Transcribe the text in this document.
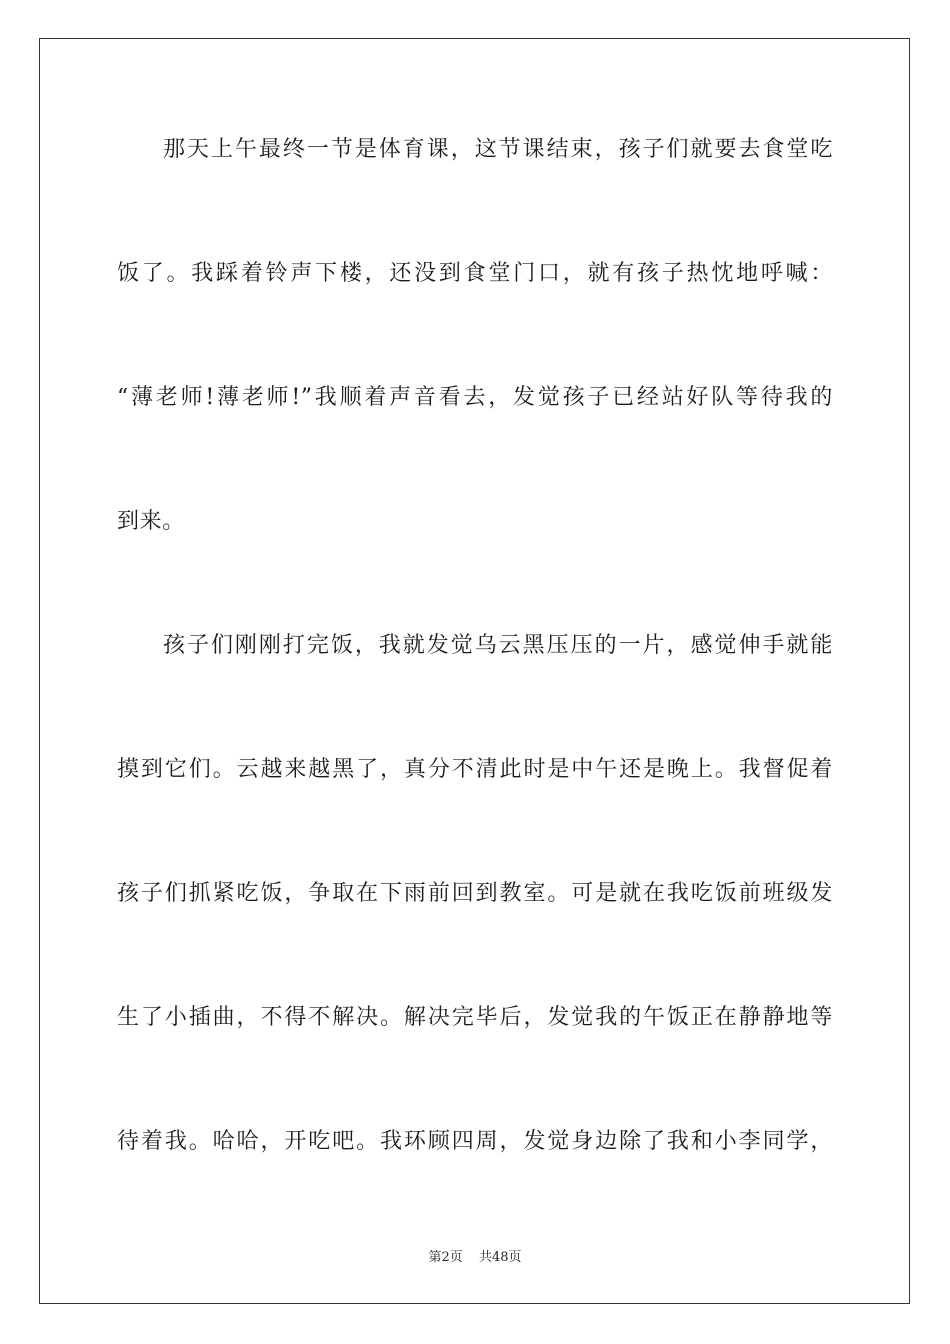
那天上午最终一节是体育课，这节课结束，孩子们就要去食堂吃
饭了。我踩着铃声下楼，还没到食堂门口，就有孩子热忱地呼喊：
“薄老师!薄老师!”我顺着声音看去，发觉孩子已经站好队等待我的
到来。
孩子们刚刚打完饭，我就发觉乌云黑压压的一片，感觉伸手就能
摸到它们。云越来越黑了，真分不清此时是中午还是晚上。我督促着
孩子们抓紧吃饭，争取在下雨前回到教室。可是就在我吃饭前班级发
生了小插曲，不得不解决。解决完毕后，发觉我的午饭正在静静地等
待着我。哈哈，开吃吧。我环顾四周，发觉身边除了我和小李同学，
第2页 共48页
